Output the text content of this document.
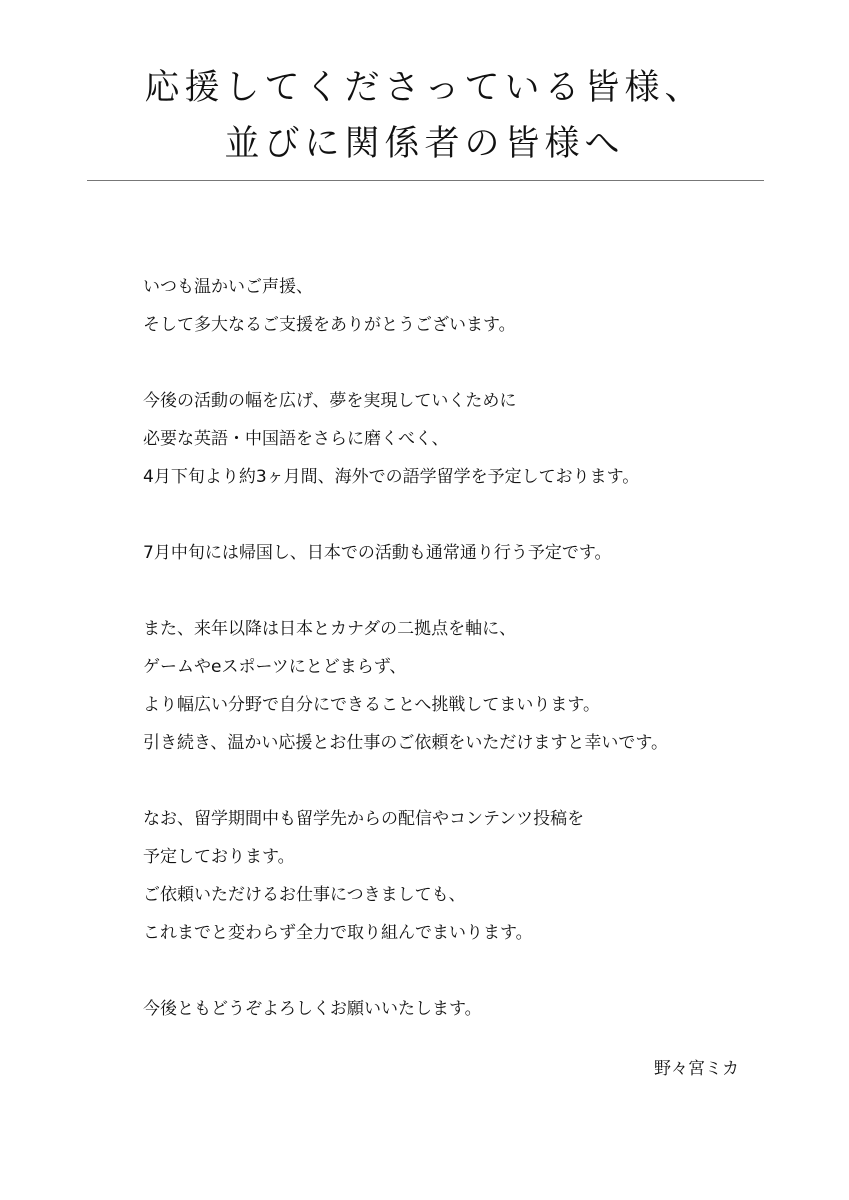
応援してくださっている皆様、
並びに関係者の皆様へ

いつも温かいご声援、
そして多大なるご支援をありがとうございます。

今後の活動の幅を広げ、夢を実現していくために
必要な英語・中国語をさらに磨くべく、
4月下旬より約3ヶ月間、海外での語学留学を予定しております。

7月中旬には帰国し、日本での活動も通常通り行う予定です。

また、来年以降は日本とカナダの二拠点を軸に、
ゲームやeスポーツにとどまらず、
より幅広い分野で自分にできることへ挑戦してまいります。
引き続き、温かい応援とお仕事のご依頼をいただけますと幸いです。

なお、留学期間中も留学先からの配信やコンテンツ投稿を
予定しております。
ご依頼いただけるお仕事につきましても、
これまでと変わらず全力で取り組んでまいります。

今後ともどうぞよろしくお願いいたします。

野々宮ミカ
